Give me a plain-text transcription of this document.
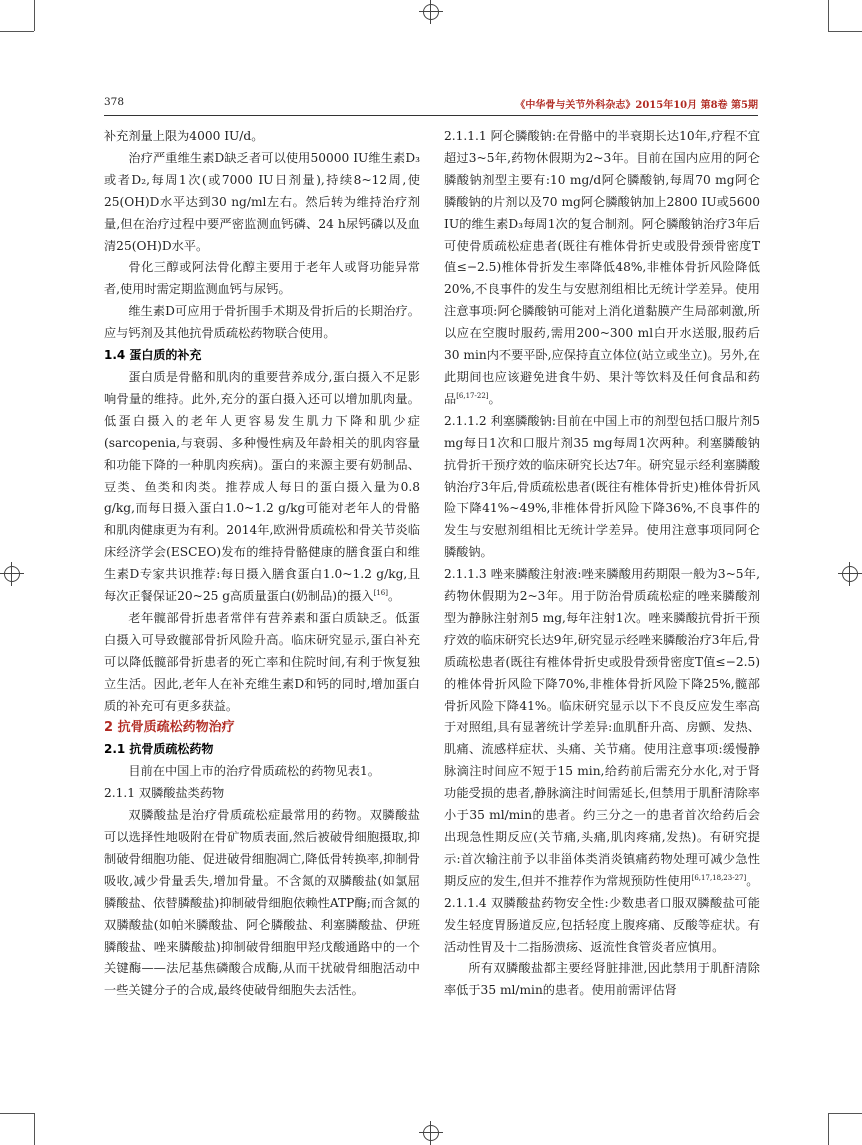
378	《中华骨与关节外科杂志》2015年10月 第8卷 第5期

补充剂量上限为4000 IU/d。

治疗严重维生素D缺乏者可以使用50000 IU维生素D₃或者D₂,每周1次(或7000 IU日剂量),持续8~12周,使25(OH)D水平达到30 ng/ml左右。然后转为维持治疗剂量,但在治疗过程中要严密监测血钙磷、24 h尿钙磷以及血清25(OH)D水平。

骨化三醇或阿法骨化醇主要用于老年人或肾功能异常者,使用时需定期监测血钙与尿钙。

维生素D可应用于骨折围手术期及骨折后的长期治疗。应与钙剂及其他抗骨质疏松药物联合使用。

1.4 蛋白质的补充

蛋白质是骨骼和肌肉的重要营养成分,蛋白摄入不足影响骨量的维持。此外,充分的蛋白摄入还可以增加肌肉量。低蛋白摄入的老年人更容易发生肌力下降和肌少症(sarcopenia,与衰弱、多种慢性病及年龄相关的肌肉容量和功能下降的一种肌肉疾病)。蛋白的来源主要有奶制品、豆类、鱼类和肉类。推荐成人每日的蛋白摄入量为0.8 g/kg,而每日摄入蛋白1.0~1.2 g/kg可能对老年人的骨骼和肌肉健康更为有利。2014年,欧洲骨质疏松和骨关节炎临床经济学会(ESCEO)发布的维持骨骼健康的膳食蛋白和维生素D专家共识推荐:每日摄入膳食蛋白1.0~1.2 g/kg,且每次正餐保证20~25 g高质量蛋白(奶制品)的摄入[16]。

老年髋部骨折患者常伴有营养素和蛋白质缺乏。低蛋白摄入可导致髋部骨折风险升高。临床研究显示,蛋白补充可以降低髋部骨折患者的死亡率和住院时间,有利于恢复独立生活。因此,老年人在补充维生素D和钙的同时,增加蛋白质的补充可有更多获益。

2 抗骨质疏松药物治疗

2.1 抗骨质疏松药物

目前在中国上市的治疗骨质疏松的药物见表1。

2.1.1 双膦酸盐类药物

双膦酸盐是治疗骨质疏松症最常用的药物。双膦酸盐可以选择性地吸附在骨矿物质表面,然后被破骨细胞摄取,抑制破骨细胞功能、促进破骨细胞凋亡,降低骨转换率,抑制骨吸收,减少骨量丢失,增加骨量。不含氮的双膦酸盐(如氯屈膦酸盐、依替膦酸盐)抑制破骨细胞依赖性ATP酶;而含氮的双膦酸盐(如帕米膦酸盐、阿仑膦酸盐、利塞膦酸盐、伊班膦酸盐、唑来膦酸盐)抑制破骨细胞甲羟戊酸通路中的一个关键酶——法尼基焦磷酸合成酶,从而干扰破骨细胞活动中一些关键分子的合成,最终使破骨细胞失去活性。

2.1.1.1 阿仑膦酸钠:在骨骼中的半衰期长达10年,疗程不宜超过3~5年,药物休假期为2~3年。目前在国内应用的阿仑膦酸钠剂型主要有:10 mg/d阿仑膦酸钠,每周70 mg阿仑膦酸钠的片剂以及70 mg阿仑膦酸钠加上2800 IU或5600 IU的维生素D₃每周1次的复合制剂。阿仑膦酸钠治疗3年后可使骨质疏松症患者(既往有椎体骨折史或股骨颈骨密度T值≤−2.5)椎体骨折发生率降低48%,非椎体骨折风险降低20%,不良事件的发生与安慰剂组相比无统计学差异。使用注意事项:阿仑膦酸钠可能对上消化道黏膜产生局部刺激,所以应在空腹时服药,需用200~300 ml白开水送服,服药后30 min内不要平卧,应保持直立体位(站立或坐立)。另外,在此期间也应该避免进食牛奶、果汁等饮料及任何食品和药品[6,17-22]。

2.1.1.2 利塞膦酸钠:目前在中国上市的剂型包括口服片剂5 mg每日1次和口服片剂35 mg每周1次两种。利塞膦酸钠抗骨折干预疗效的临床研究长达7年。研究显示经利塞膦酸钠治疗3年后,骨质疏松患者(既往有椎体骨折史)椎体骨折风险下降41%~49%,非椎体骨折风险下降36%,不良事件的发生与安慰剂组相比无统计学差异。使用注意事项同阿仑膦酸钠。

2.1.1.3 唑来膦酸注射液:唑来膦酸用药期限一般为3~5年,药物休假期为2~3年。用于防治骨质疏松症的唑来膦酸剂型为静脉注射剂5 mg,每年注射1次。唑来膦酸抗骨折干预疗效的临床研究长达9年,研究显示经唑来膦酸治疗3年后,骨质疏松患者(既往有椎体骨折史或股骨颈骨密度T值≤−2.5)的椎体骨折风险下降70%,非椎体骨折风险下降25%,髋部骨折风险下降41%。临床研究显示以下不良反应发生率高于对照组,具有显著统计学差异:血肌酐升高、房颤、发热、肌痛、流感样症状、头痛、关节痛。使用注意事项:缓慢静脉滴注时间应不短于15 min,给药前后需充分水化,对于肾功能受损的患者,静脉滴注时间需延长,但禁用于肌酐清除率小于35 ml/min的患者。约三分之一的患者首次给药后会出现急性期反应(关节痛,头痛,肌肉疼痛,发热)。有研究提示:首次输注前予以非甾体类消炎镇痛药物处理可减少急性期反应的发生,但并不推荐作为常规预防性使用[6,17,18,23-27]。

2.1.1.4 双膦酸盐药物安全性:少数患者口服双膦酸盐可能发生轻度胃肠道反应,包括轻度上腹疼痛、反酸等症状。有活动性胃及十二指肠溃疡、返流性食管炎者应慎用。

所有双膦酸盐都主要经肾脏排泄,因此禁用于肌酐清除率低于35 ml/min的患者。使用前需评估肾
